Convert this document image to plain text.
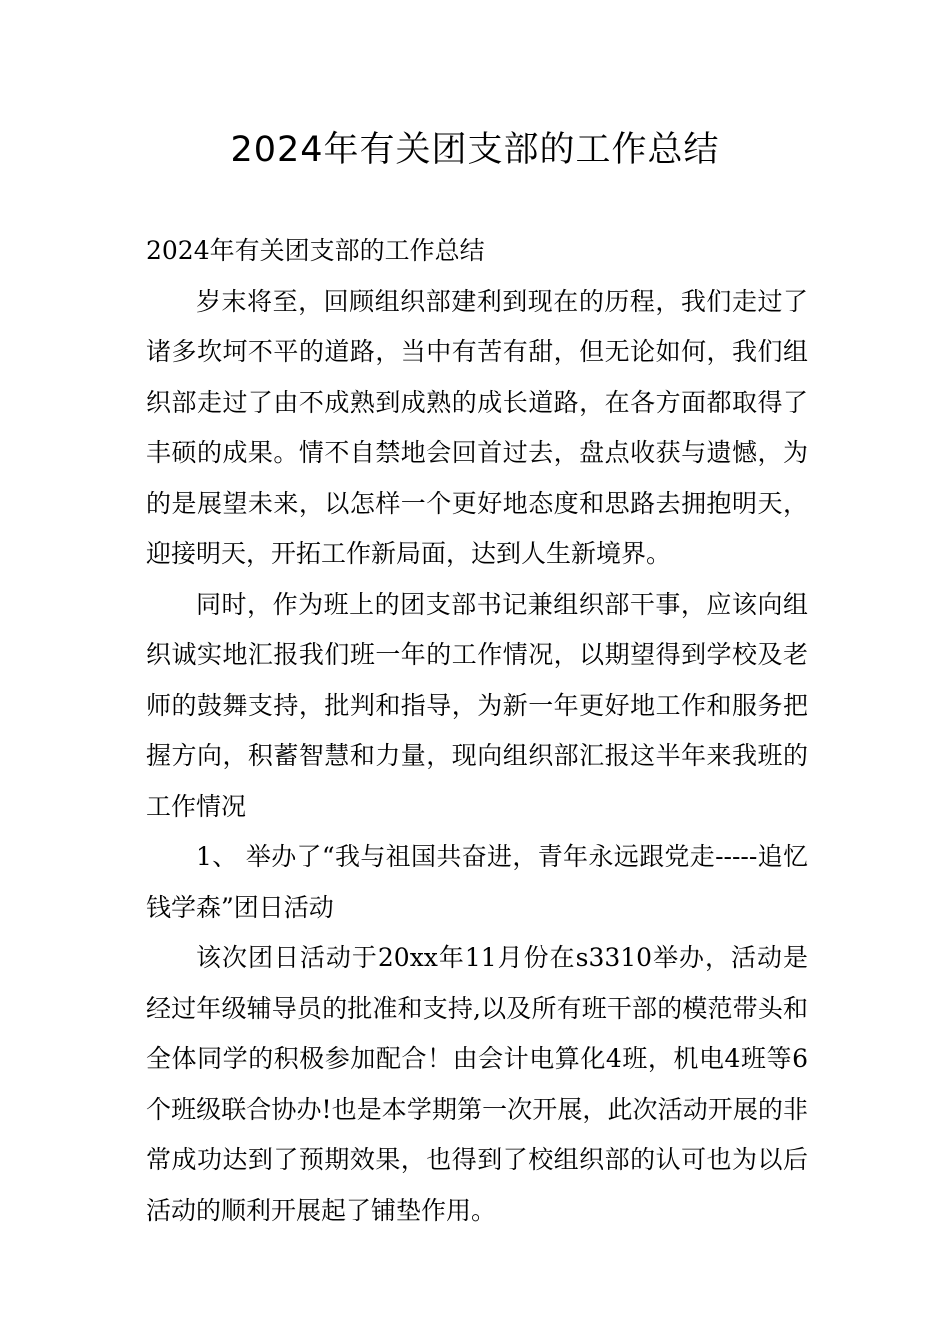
2024年有关团支部的工作总结

2024年有关团支部的工作总结

岁末将至，回顾组织部建利到现在的历程，我们走过了诸多坎坷不平的道路，当中有苦有甜，但无论如何，我们组织部走过了由不成熟到成熟的成长道路，在各方面都取得了丰硕的成果。情不自禁地会回首过去，盘点收获与遗憾，为的是展望未来，以怎样一个更好地态度和思路去拥抱明天，迎接明天，开拓工作新局面，达到人生新境界。

同时，作为班上的团支部书记兼组织部干事，应该向组织诚实地汇报我们班一年的工作情况，以期望得到学校及老师的鼓舞支持，批判和指导，为新一年更好地工作和服务把握方向，积蓄智慧和力量，现向组织部汇报这半年来我班的工作情况

1、 举办了“我与祖国共奋进，青年永远跟党走-----追忆钱学森”团日活动

该次团日活动于20xx年11月份在s3310举办，活动是经过年级辅导员的批准和支持,以及所有班干部的模范带头和全体同学的积极参加配合！由会计电算化4班，机电4班等6个班级联合协办!也是本学期第一次开展，此次活动开展的非常成功达到了预期效果，也得到了校组织部的认可也为以后活动的顺利开展起了铺垫作用。
